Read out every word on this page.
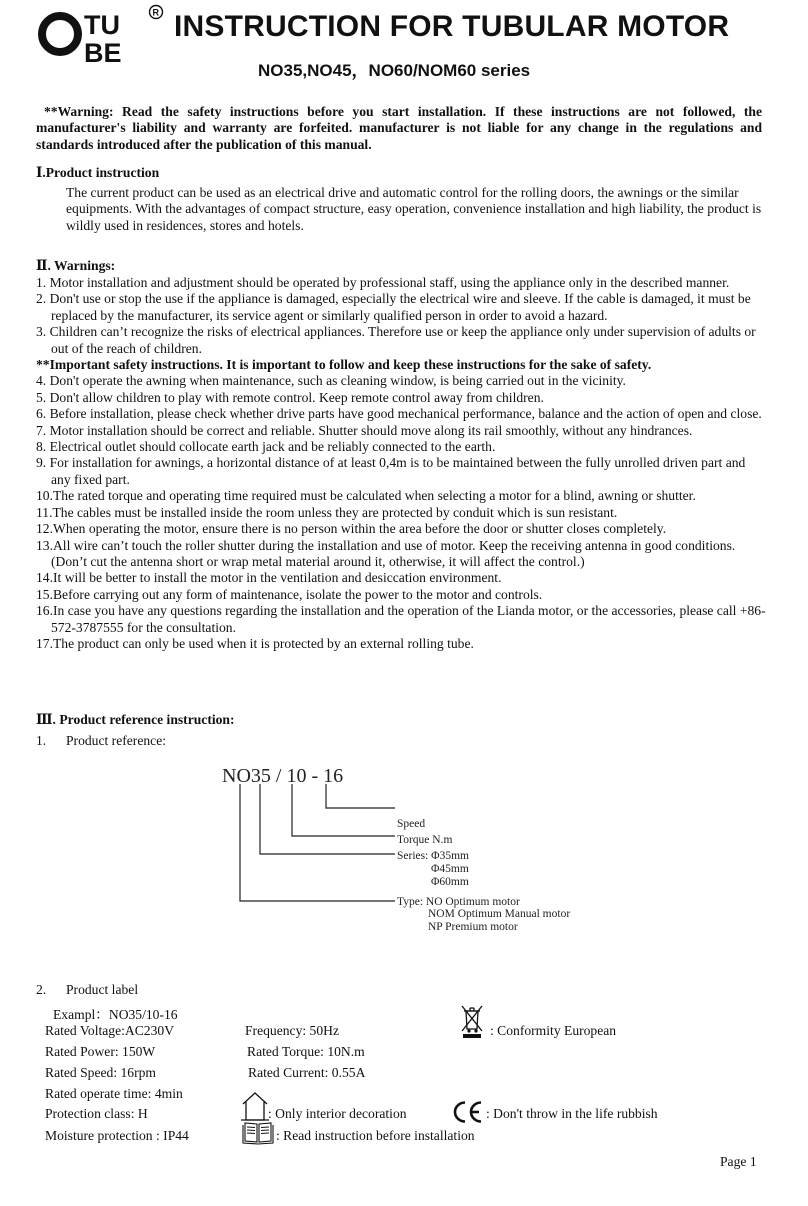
TU
BE
R INSTRUCTION FOR TUBULAR MOTOR
NO35,NO45，NO60/NOM60 series
**Warning: Read the safety instructions before you start installation. If these instructions are not followed, the manufacturer's liability and warranty are forfeited. manufacturer is not liable for any change in the regulations and standards introduced after the publication of this manual.
Ⅰ.Product instruction
The current product can be used as an electrical drive and automatic control for the rolling doors, the awnings or the similar equipments. With the advantages of compact structure, easy operation, convenience installation and high liability, the product is wildly used in residences, stores and hotels.
Ⅱ. Warnings:
1. Motor installation and adjustment should be operated by professional staff, using the appliance only in the described manner.
2. Don't use or stop the use if the appliance is damaged, especially the electrical wire and sleeve. If the cable is damaged, it must be replaced by the manufacturer, its service agent or similarly qualified person in order to avoid a hazard.
3. Children can’t recognize the risks of electrical appliances. Therefore use or keep the appliance only under supervision of adults or out of the reach of children.
**Important safety instructions. It is important to follow and keep these instructions for the sake of safety.
4. Don't operate the awning when maintenance, such as cleaning window, is being carried out in the vicinity.
5. Don't allow children to play with remote control. Keep remote control away from children.
6. Before installation, please check whether drive parts have good mechanical performance, balance and the action of open and close.
7. Motor installation should be correct and reliable. Shutter should move along its rail smoothly, without any hindrances.
8. Electrical outlet should collocate earth jack and be reliably connected to the earth.
9. For installation for awnings, a horizontal distance of at least 0,4m is to be maintained between the fully unrolled driven part and any fixed part.
10.The rated torque and operating time required must be calculated when selecting a motor for a blind, awning or shutter.
11.The cables must be installed inside the room unless they are protected by conduit which is sun resistant.
12.When operating the motor, ensure there is no person within the area before the door or shutter closes completely.
13.All wire can’t touch the roller shutter during the installation and use of motor. Keep the receiving antenna in good conditions. (Don’t cut the antenna short or wrap metal material around it, otherwise, it will affect the control.)
14.It will be better to install the motor in the ventilation and desiccation environment.
15.Before carrying out any form of maintenance, isolate the power to the motor and controls.
16.In case you have any questions regarding the installation and the operation of the Lianda motor, or the accessories, please call +86-572-3787555 for the consultation.
17.The product can only be used when it is protected by an external rolling tube.
Ⅲ. Product reference instruction:
1. Product reference:
NO35 / 10 - 16
Speed
Torque N.m
Series: Φ35mm
Φ45mm
Φ60mm
Type: NO Optimum motor
NOM Optimum Manual motor
NP Premium motor
2. Product label
Exampl：NO35/10-16
Rated Voltage:AC230V	Frequency: 50Hz
Rated Power: 150W	Rated Torque: 10N.m
Rated Speed: 16rpm	Rated Current: 0.55A
Rated operate time: 4min
Protection class: H
Moisture protection : IP44
: Conformity European
: Only interior decoration	: Don't throw in the life rubbish
: Read instruction before installation
Page 1
